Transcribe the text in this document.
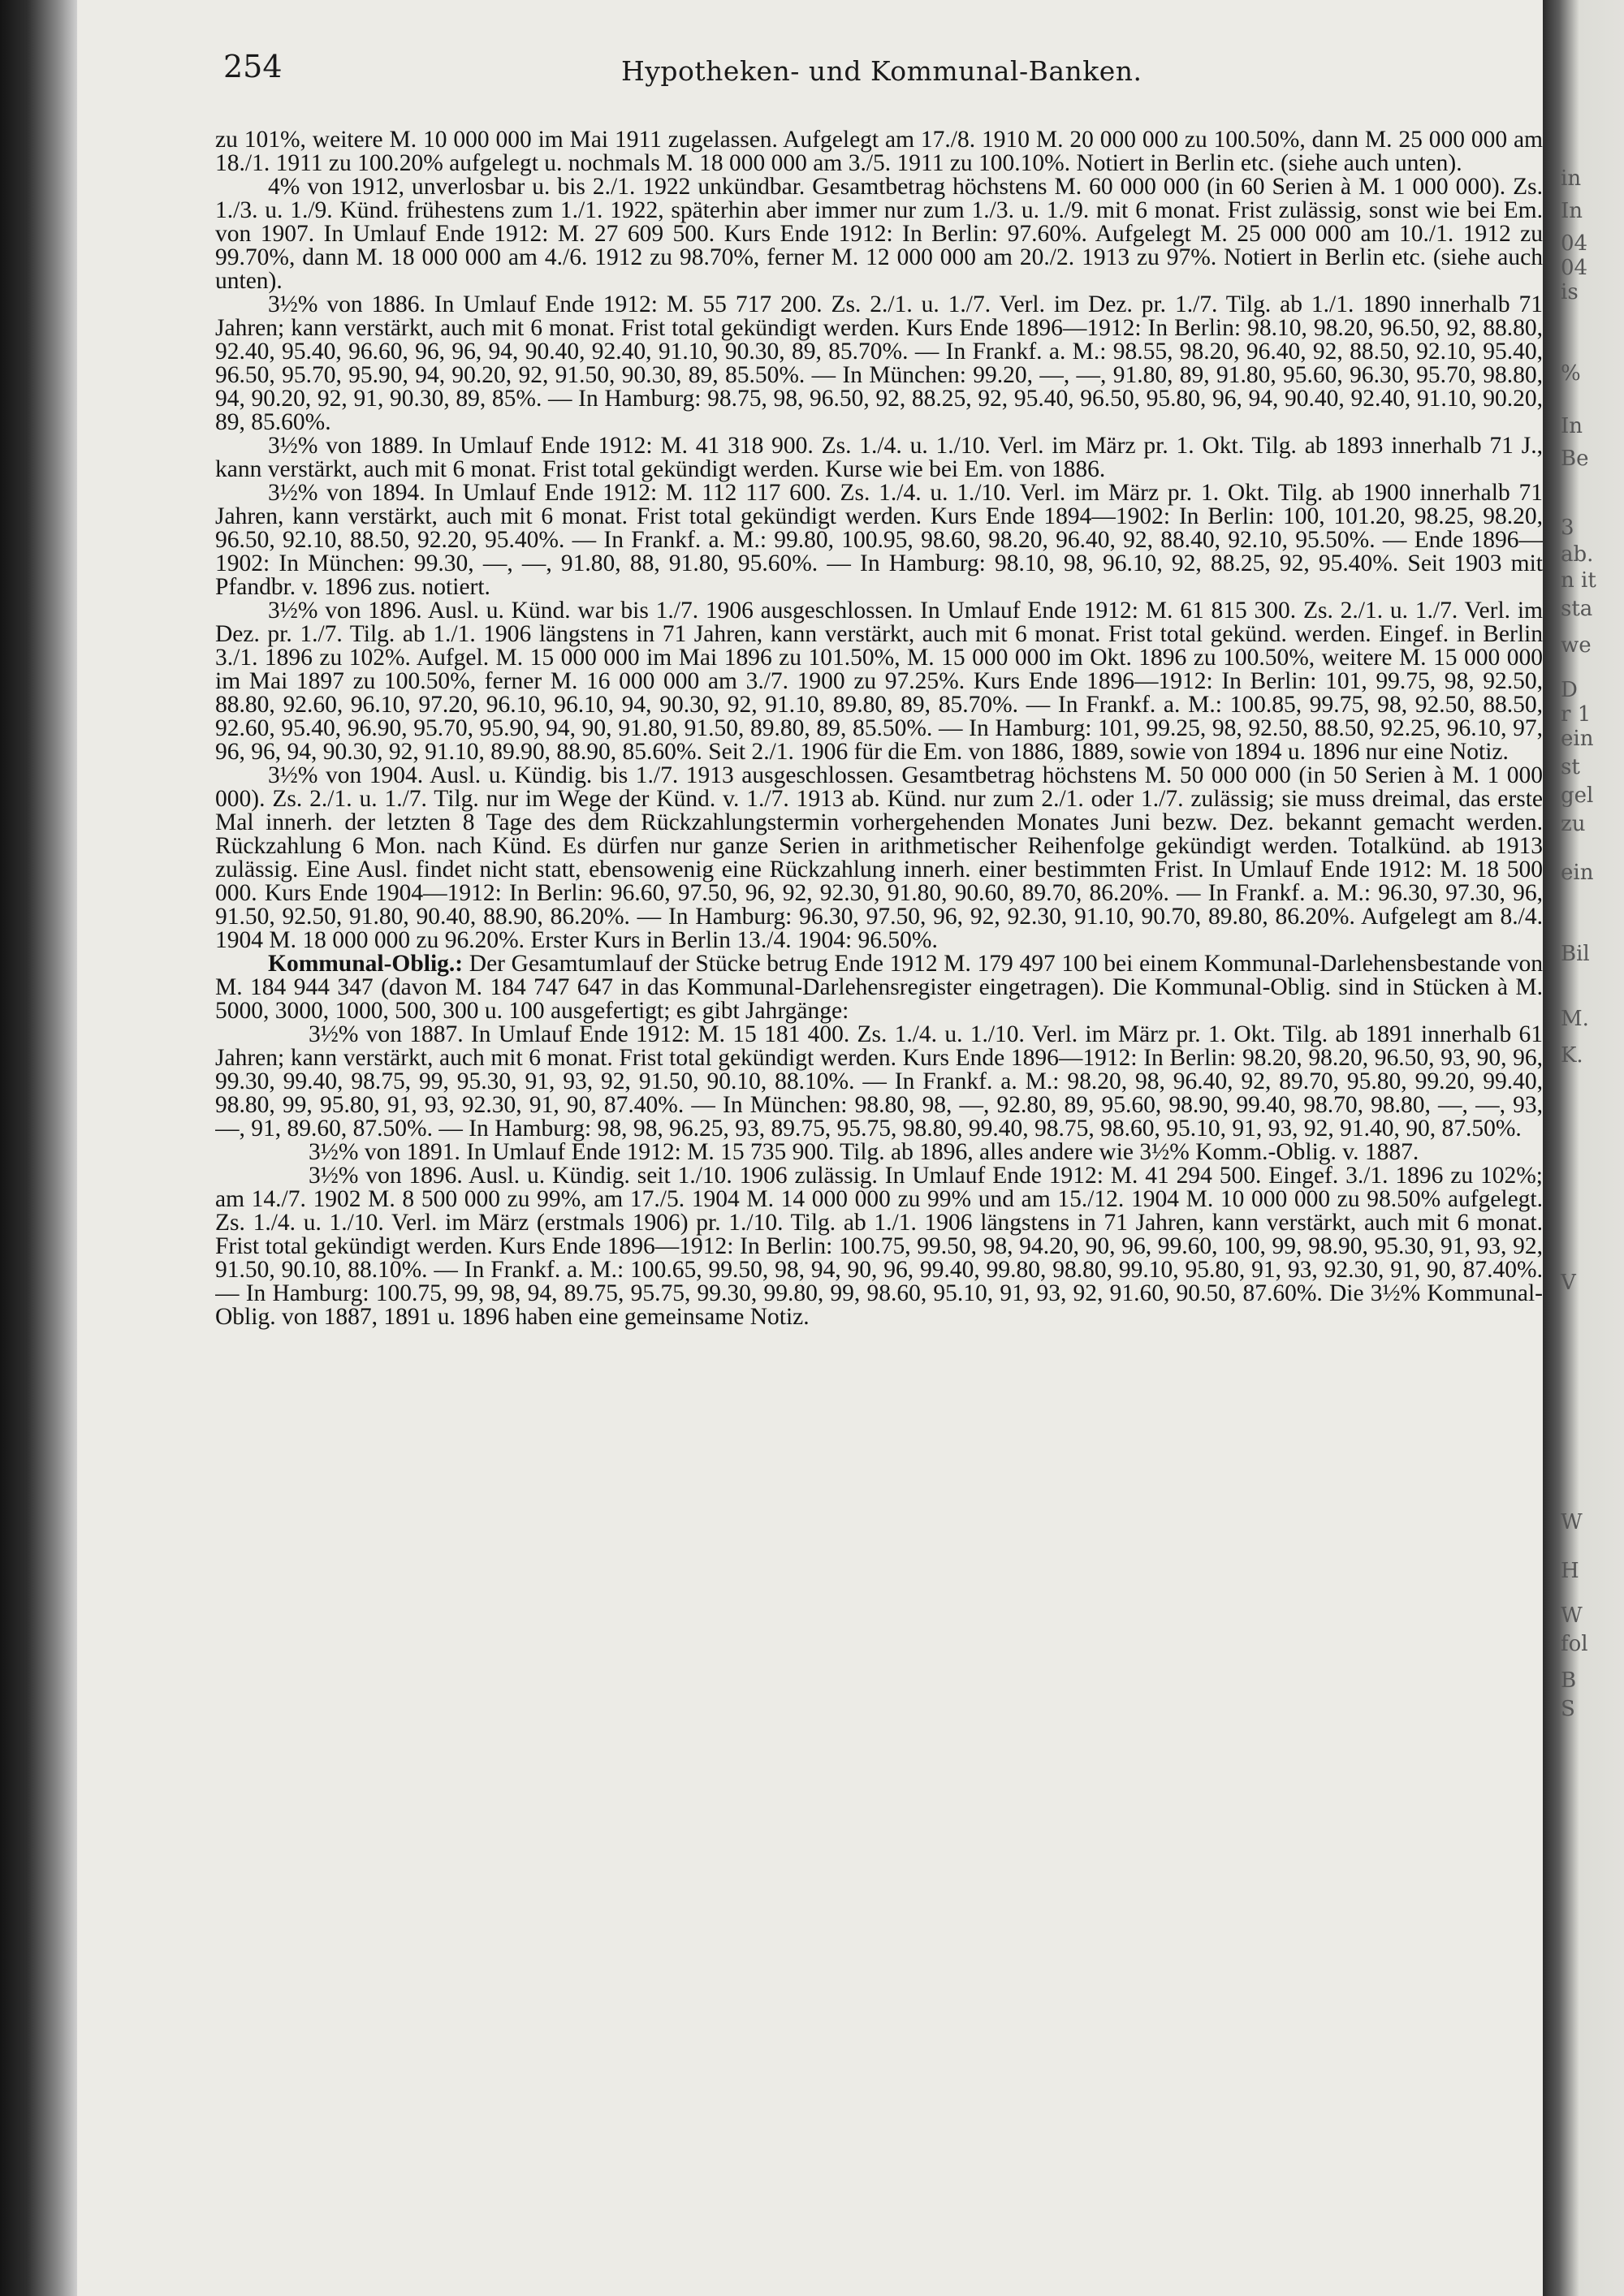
in
In
04
04
is
%
In
Be
3
ab.
n it
sta
we
D
r 1
ein
st
gel
zu
ein
Bil
M.
K.
V
W
H
W
fol
B
S
254	Hypotheken- und Kommunal-Banken.

zu 101%, weitere M. 10 000 000 im Mai 1911 zugelassen. Aufgelegt am 17./8. 1910 M. 20 000 000 zu 100.50%, dann M. 25 000 000 am 18./1. 1911 zu 100.20% aufgelegt u. nochmals M. 18 000 000 am 3./5. 1911 zu 100.10%. Notiert in Berlin etc. (siehe auch unten).

4% von 1912, unverlosbar u. bis 2./1. 1922 unkündbar. Gesamtbetrag höchstens M. 60 000 000 (in 60 Serien à M. 1 000 000). Zs. 1./3. u. 1./9. Künd. frühestens zum 1./1. 1922, späterhin aber immer nur zum 1./3. u. 1./9. mit 6 monat. Frist zulässig, sonst wie bei Em. von 1907. In Umlauf Ende 1912: M. 27 609 500. Kurs Ende 1912: In Berlin: 97.60%. Aufgelegt M. 25 000 000 am 10./1. 1912 zu 99.70%, dann M. 18 000 000 am 4./6. 1912 zu 98.70%, ferner M. 12 000 000 am 20./2. 1913 zu 97%. Notiert in Berlin etc. (siehe auch unten).

3½% von 1886. In Umlauf Ende 1912: M. 55 717 200. Zs. 2./1. u. 1./7. Verl. im Dez. pr. 1./7. Tilg. ab 1./1. 1890 innerhalb 71 Jahren; kann verstärkt, auch mit 6 monat. Frist total gekündigt werden. Kurs Ende 1896—1912: In Berlin: 98.10, 98.20, 96.50, 92, 88.80, 92.40, 95.40, 96.60, 96, 96, 94, 90.40, 92.40, 91.10, 90.30, 89, 85.70%. — In Frankf. a. M.: 98.55, 98.20, 96.40, 92, 88.50, 92.10, 95.40, 96.50, 95.70, 95.90, 94, 90.20, 92, 91.50, 90.30, 89, 85.50%. — In München: 99.20, —, —, 91.80, 89, 91.80, 95.60, 96.30, 95.70, 98.80, 94, 90.20, 92, 91, 90.30, 89, 85%. — In Hamburg: 98.75, 98, 96.50, 92, 88.25, 92, 95.40, 96.50, 95.80, 96, 94, 90.40, 92.40, 91.10, 90.20, 89, 85.60%.

3½% von 1889. In Umlauf Ende 1912: M. 41 318 900. Zs. 1./4. u. 1./10. Verl. im März pr. 1. Okt. Tilg. ab 1893 innerhalb 71 J., kann verstärkt, auch mit 6 monat. Frist total gekündigt werden. Kurse wie bei Em. von 1886.

3½% von 1894. In Umlauf Ende 1912: M. 112 117 600. Zs. 1./4. u. 1./10. Verl. im März pr. 1. Okt. Tilg. ab 1900 innerhalb 71 Jahren, kann verstärkt, auch mit 6 monat. Frist total gekündigt werden. Kurs Ende 1894—1902: In Berlin: 100, 101.20, 98.25, 98.20, 96.50, 92.10, 88.50, 92.20, 95.40%. — In Frankf. a. M.: 99.80, 100.95, 98.60, 98.20, 96.40, 92, 88.40, 92.10, 95.50%. — Ende 1896—1902: In München: 99.30, —, —, 91.80, 88, 91.80, 95.60%. — In Hamburg: 98.10, 98, 96.10, 92, 88.25, 92, 95.40%. Seit 1903 mit Pfandbr. v. 1896 zus. notiert.

3½% von 1896. Ausl. u. Künd. war bis 1./7. 1906 ausgeschlossen. In Umlauf Ende 1912: M. 61 815 300. Zs. 2./1. u. 1./7. Verl. im Dez. pr. 1./7. Tilg. ab 1./1. 1906 längstens in 71 Jahren, kann verstärkt, auch mit 6 monat. Frist total gekünd. werden. Eingef. in Berlin 3./1. 1896 zu 102%. Aufgel. M. 15 000 000 im Mai 1896 zu 101.50%, M. 15 000 000 im Okt. 1896 zu 100.50%, weitere M. 15 000 000 im Mai 1897 zu 100.50%, ferner M. 16 000 000 am 3./7. 1900 zu 97.25%. Kurs Ende 1896—1912: In Berlin: 101, 99.75, 98, 92.50, 88.80, 92.60, 96.10, 97.20, 96.10, 96.10, 94, 90.30, 92, 91.10, 89.80, 89, 85.70%. — In Frankf. a. M.: 100.85, 99.75, 98, 92.50, 88.50, 92.60, 95.40, 96.90, 95.70, 95.90, 94, 90, 91.80, 91.50, 89.80, 89, 85.50%. — In Hamburg: 101, 99.25, 98, 92.50, 88.50, 92.25, 96.10, 97, 96, 96, 94, 90.30, 92, 91.10, 89.90, 88.90, 85.60%. Seit 2./1. 1906 für die Em. von 1886, 1889, sowie von 1894 u. 1896 nur eine Notiz.

3½% von 1904. Ausl. u. Kündig. bis 1./7. 1913 ausgeschlossen. Gesamtbetrag höchstens M. 50 000 000 (in 50 Serien à M. 1 000 000). Zs. 2./1. u. 1./7. Tilg. nur im Wege der Künd. v. 1./7. 1913 ab. Künd. nur zum 2./1. oder 1./7. zulässig; sie muss dreimal, das erste Mal innerh. der letzten 8 Tage des dem Rückzahlungstermin vorhergehenden Monates Juni bezw. Dez. bekannt gemacht werden. Rückzahlung 6 Mon. nach Künd. Es dürfen nur ganze Serien in arithmetischer Reihenfolge gekündigt werden. Totalkünd. ab 1913 zulässig. Eine Ausl. findet nicht statt, ebensowenig eine Rückzahlung innerh. einer bestimmten Frist. In Umlauf Ende 1912: M. 18 500 000. Kurs Ende 1904—1912: In Berlin: 96.60, 97.50, 96, 92, 92.30, 91.80, 90.60, 89.70, 86.20%. — In Frankf. a. M.: 96.30, 97.30, 96, 91.50, 92.50, 91.80, 90.40, 88.90, 86.20%. — In Hamburg: 96.30, 97.50, 96, 92, 92.30, 91.10, 90.70, 89.80, 86.20%. Aufgelegt am 8./4. 1904 M. 18 000 000 zu 96.20%. Erster Kurs in Berlin 13./4. 1904: 96.50%.

Kommunal-Oblig.: Der Gesamtumlauf der Stücke betrug Ende 1912 M. 179 497 100 bei einem Kommunal-Darlehensbestande von M. 184 944 347 (davon M. 184 747 647 in das Kommunal-Darlehensregister eingetragen). Die Kommunal-Oblig. sind in Stücken à M. 5000, 3000, 1000, 500, 300 u. 100 ausgefertigt; es gibt Jahrgänge:

3½% von 1887. In Umlauf Ende 1912: M. 15 181 400. Zs. 1./4. u. 1./10. Verl. im März pr. 1. Okt. Tilg. ab 1891 innerhalb 61 Jahren; kann verstärkt, auch mit 6 monat. Frist total gekündigt werden. Kurs Ende 1896—1912: In Berlin: 98.20, 98.20, 96.50, 93, 90, 96, 99.30, 99.40, 98.75, 99, 95.30, 91, 93, 92, 91.50, 90.10, 88.10%. — In Frankf. a. M.: 98.20, 98, 96.40, 92, 89.70, 95.80, 99.20, 99.40, 98.80, 99, 95.80, 91, 93, 92.30, 91, 90, 87.40%. — In München: 98.80, 98, —, 92.80, 89, 95.60, 98.90, 99.40, 98.70, 98.80, —, —, 93, —, 91, 89.60, 87.50%. — In Hamburg: 98, 98, 96.25, 93, 89.75, 95.75, 98.80, 99.40, 98.75, 98.60, 95.10, 91, 93, 92, 91.40, 90, 87.50%.

3½% von 1891. In Umlauf Ende 1912: M. 15 735 900. Tilg. ab 1896, alles andere wie 3½% Komm.-Oblig. v. 1887.

3½% von 1896. Ausl. u. Kündig. seit 1./10. 1906 zulässig. In Umlauf Ende 1912: M. 41 294 500. Eingef. 3./1. 1896 zu 102%; am 14./7. 1902 M. 8 500 000 zu 99%, am 17./5. 1904 M. 14 000 000 zu 99% und am 15./12. 1904 M. 10 000 000 zu 98.50% aufgelegt. Zs. 1./4. u. 1./10. Verl. im März (erstmals 1906) pr. 1./10. Tilg. ab 1./1. 1906 längstens in 71 Jahren, kann verstärkt, auch mit 6 monat. Frist total gekündigt werden. Kurs Ende 1896—1912: In Berlin: 100.75, 99.50, 98, 94.20, 90, 96, 99.60, 100, 99, 98.90, 95.30, 91, 93, 92, 91.50, 90.10, 88.10%. — In Frankf. a. M.: 100.65, 99.50, 98, 94, 90, 96, 99.40, 99.80, 98.80, 99.10, 95.80, 91, 93, 92.30, 91, 90, 87.40%. — In Hamburg: 100.75, 99, 98, 94, 89.75, 95.75, 99.30, 99.80, 99, 98.60, 95.10, 91, 93, 92, 91.60, 90.50, 87.60%. Die 3½% Kommunal-Oblig. von 1887, 1891 u. 1896 haben eine gemeinsame Notiz.
